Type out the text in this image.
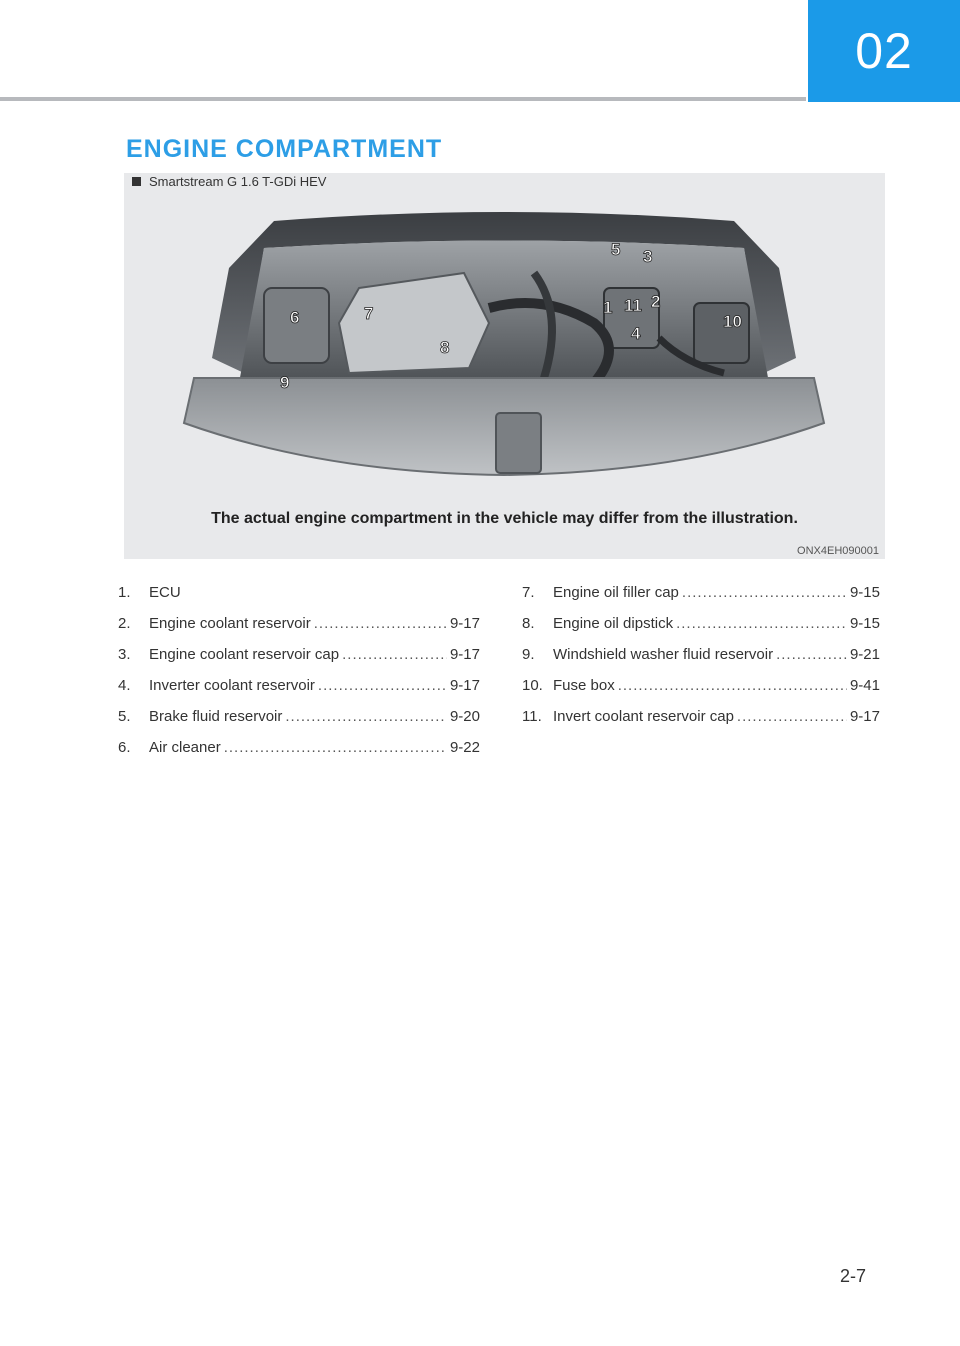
02
ENGINE COMPARTMENT
1 2
3
4
5
6	7
8
9
10
11
Smartstream G 1.6 T-GDi HEV
The actual engine compartment in the vehicle may differ from the illustration.
ONX4EH090001
1.	ECU
2.	Engine coolant reservoir .....	9-17
3.	Engine coolant reservoir cap .....	9-17
4.	Inverter coolant reservoir .....	9-17
5.	Brake fluid reservoir .....	9-20
6.	Air cleaner .....	9-22
7.	Engine oil filler cap .....	9-15
8.	Engine oil dipstick .....	9-15
9.	Windshield washer fluid reservoir .....	9-21
10. Fuse box .....	9-41
11. Invert coolant reservoir cap .....	9-17
2-7
